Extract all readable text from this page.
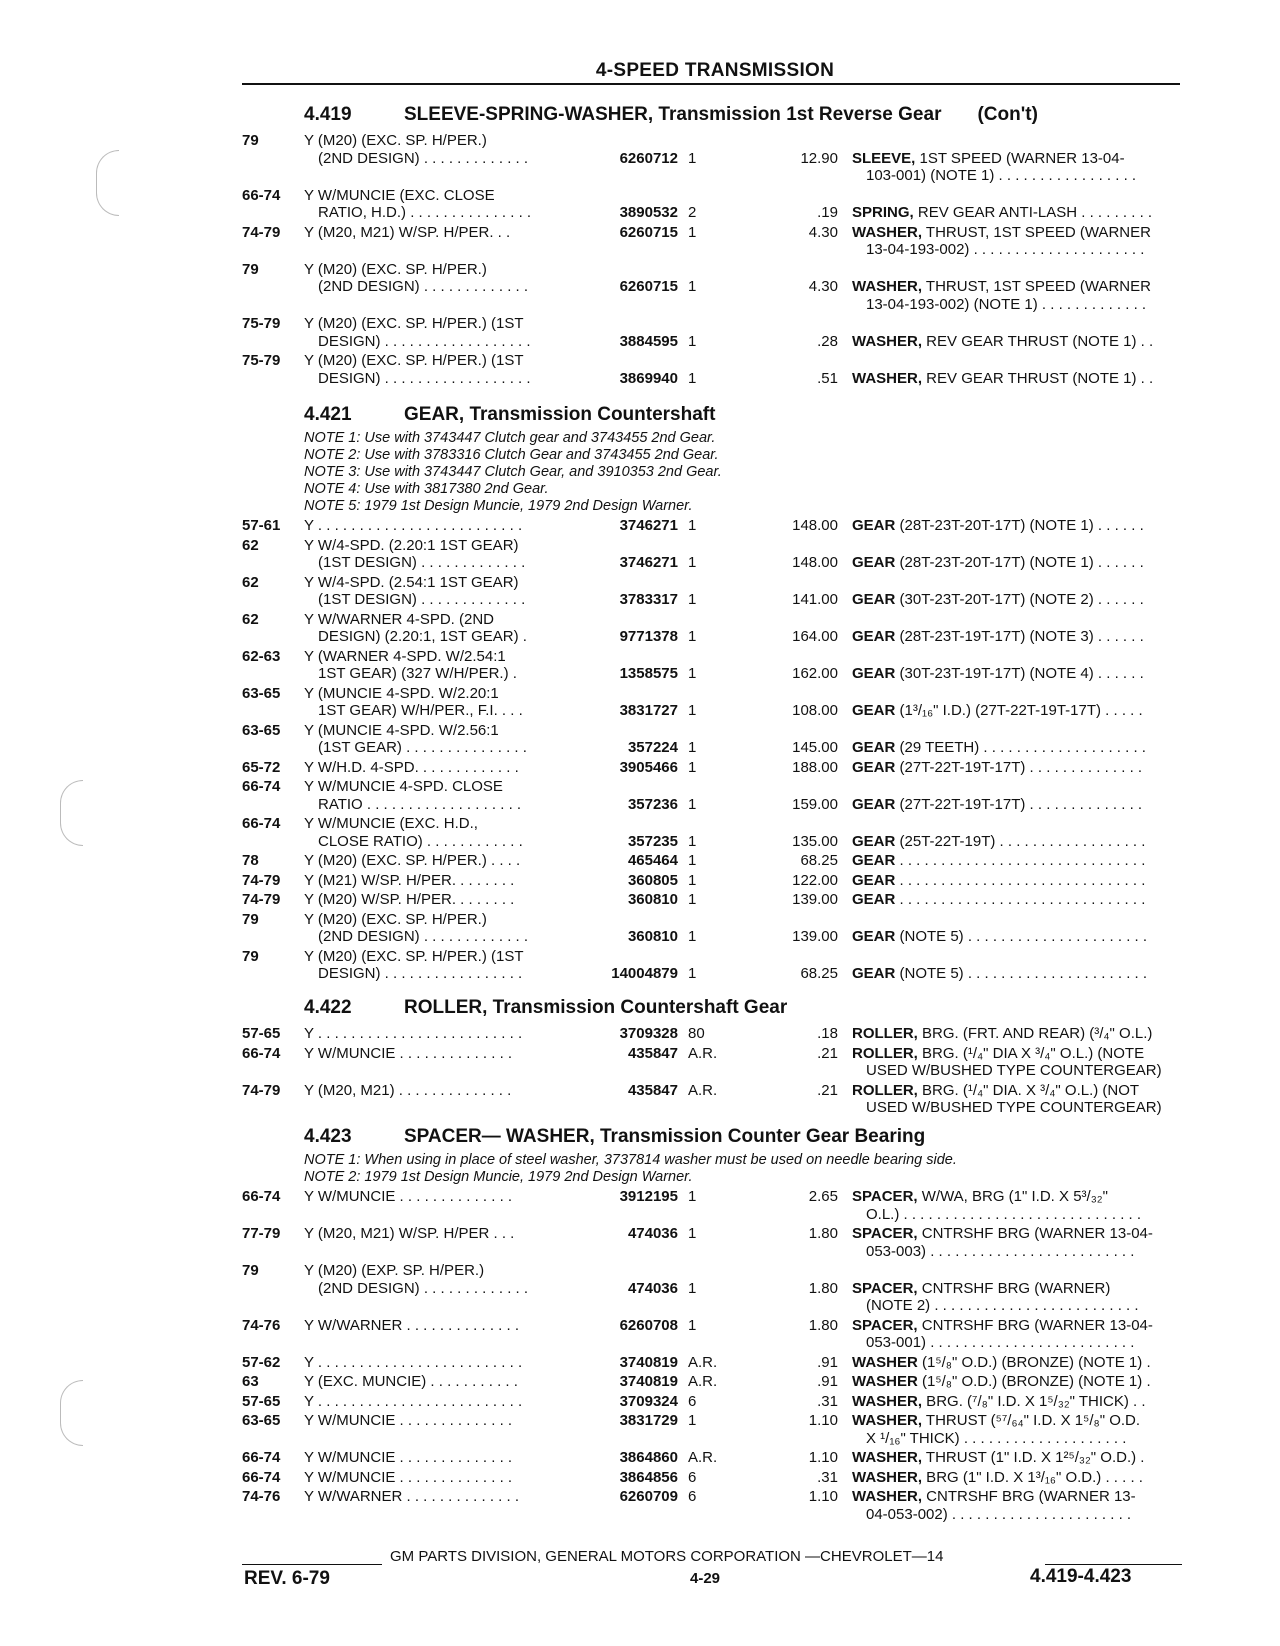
4-SPEED TRANSMISSION
4.419	SLEEVE-SPRING-WASHER, Transmission 1st Reverse Gear (Con't)
79	Y (M20) (EXC. SP. H/PER.)
(2ND DESIGN) . . . . . . . . . . . . .	6260712 1	12.90 SLEEVE, 1ST SPEED (WARNER 13-04-
103-001) (NOTE 1) . . . . . . . . . . . . . . . . .
66-74 Y W/MUNCIE (EXC. CLOSE
RATIO, H.D.) . . . . . . . . . . . . . . .	3890532 2	.19 SPRING, REV GEAR ANTI-LASH . . . . . . . . .
74-79 Y (M20, M21) W/SP. H/PER. . .	6260715 1	4.30 WASHER, THRUST, 1ST SPEED (WARNER
13-04-193-002) . . . . . . . . . . . . . . . . . . . . .
79	Y (M20) (EXC. SP. H/PER.)
(2ND DESIGN) . . . . . . . . . . . . .	6260715 1	4.30 WASHER, THRUST, 1ST SPEED (WARNER
13-04-193-002) (NOTE 1) . . . . . . . . . . . . .
75-79 Y (M20) (EXC. SP. H/PER.) (1ST
DESIGN) . . . . . . . . . . . . . . . . . .	3884595 1	.28 WASHER, REV GEAR THRUST (NOTE 1) . .
75-79 Y (M20) (EXC. SP. H/PER.) (1ST
DESIGN) . . . . . . . . . . . . . . . . . .	3869940 1	.51 WASHER, REV GEAR THRUST (NOTE 1) . .
4.421	GEAR, Transmission Countershaft
NOTE 1: Use with 3743447 Clutch gear and 3743455 2nd Gear.
NOTE 2: Use with 3783316 Clutch Gear and 3743455 2nd Gear.
NOTE 3: Use with 3743447 Clutch Gear, and 3910353 2nd Gear.
NOTE 4: Use with 3817380 2nd Gear.
NOTE 5: 1979 1st Design Muncie, 1979 2nd Design Warner.
57-61 Y . . . . . . . . . . . . . . . . . . . . . . . . .	3746271 1	148.00 GEAR (28T-23T-20T-17T) (NOTE 1) . . . . . .
62	Y W/4-SPD. (2.20:1 1ST GEAR)
(1ST DESIGN) . . . . . . . . . . . . .	3746271 1	148.00 GEAR (28T-23T-20T-17T) (NOTE 1) . . . . . .
62	Y W/4-SPD. (2.54:1 1ST GEAR)
(1ST DESIGN) . . . . . . . . . . . . .	3783317 1	141.00 GEAR (30T-23T-20T-17T) (NOTE 2) . . . . . .
62	Y W/WARNER 4-SPD. (2ND
DESIGN) (2.20:1, 1ST GEAR) .	9771378 1	164.00 GEAR (28T-23T-19T-17T) (NOTE 3) . . . . . .
62-63 Y (WARNER 4-SPD. W/2.54:1
1ST GEAR) (327 W/H/PER.) .	1358575 1	162.00 GEAR (30T-23T-19T-17T) (NOTE 4) . . . . . .
63-65 Y (MUNCIE 4-SPD. W/2.20:1
1ST GEAR) W/H/PER., F.I. . . .	3831727 1	108.00 GEAR (1³/₁₆" I.D.) (27T-22T-19T-17T) . . . . .
63-65 Y (MUNCIE 4-SPD. W/2.56:1
(1ST GEAR) . . . . . . . . . . . . . . .	357224 1	145.00 GEAR (29 TEETH) . . . . . . . . . . . . . . . . . . . .
65-72 Y W/H.D. 4-SPD. . . . . . . . . . . . .	3905466 1	188.00 GEAR (27T-22T-19T-17T) . . . . . . . . . . . . . .
66-74 Y W/MUNCIE 4-SPD. CLOSE
RATIO . . . . . . . . . . . . . . . . . . .	357236 1	159.00 GEAR (27T-22T-19T-17T) . . . . . . . . . . . . . .
66-74 Y W/MUNCIE (EXC. H.D.,
CLOSE RATIO) . . . . . . . . . . . .	357235 1	135.00 GEAR (25T-22T-19T) . . . . . . . . . . . . . . . . . .
78	Y (M20) (EXC. SP. H/PER.) . . . .	465464 1	68.25 GEAR . . . . . . . . . . . . . . . . . . . . . . . . . . . . . .
74-79 Y (M21) W/SP. H/PER. . . . . . . .	360805 1	122.00 GEAR . . . . . . . . . . . . . . . . . . . . . . . . . . . . . .
74-79 Y (M20) W/SP. H/PER. . . . . . . .	360810 1	139.00 GEAR . . . . . . . . . . . . . . . . . . . . . . . . . . . . . .
79	Y (M20) (EXC. SP. H/PER.)
(2ND DESIGN) . . . . . . . . . . . . .	360810 1	139.00 GEAR (NOTE 5) . . . . . . . . . . . . . . . . . . . . . .
79	Y (M20) (EXC. SP. H/PER.) (1ST
DESIGN) . . . . . . . . . . . . . . . . .	14004879 1	68.25 GEAR (NOTE 5) . . . . . . . . . . . . . . . . . . . . . .
4.422	ROLLER, Transmission Countershaft Gear
57-65 Y . . . . . . . . . . . . . . . . . . . . . . . . .	3709328 80	.18 ROLLER, BRG. (FRT. AND REAR) (³/₄" O.L.)
66-74 Y W/MUNCIE . . . . . . . . . . . . . .	435847 A.R.	.21 ROLLER, BRG. (¹/₄" DIA X ³/₄" O.L.) (NOTE
USED W/BUSHED TYPE COUNTERGEAR)
74-79 Y (M20, M21) . . . . . . . . . . . . . .	435847 A.R.	.21 ROLLER, BRG. (¹/₄" DIA. X ³/₄" O.L.) (NOT
USED W/BUSHED TYPE COUNTERGEAR)
4.423	SPACER— WASHER, Transmission Counter Gear Bearing
NOTE 1: When using in place of steel washer, 3737814 washer must be used on needle bearing side.
NOTE 2: 1979 1st Design Muncie, 1979 2nd Design Warner.
66-74 Y W/MUNCIE . . . . . . . . . . . . . .	3912195 1	2.65 SPACER, W/WA, BRG (1" I.D. X 5³/₃₂"
O.L.) . . . . . . . . . . . . . . . . . . . . . . . . . . . . .
77-79 Y (M20, M21) W/SP. H/PER . . .	474036 1	1.80 SPACER, CNTRSHF BRG (WARNER 13-04-
053-003) . . . . . . . . . . . . . . . . . . . . . . . . .
79	Y (M20) (EXP. SP. H/PER.)
(2ND DESIGN) . . . . . . . . . . . . .	474036 1	1.80 SPACER, CNTRSHF BRG (WARNER)
(NOTE 2) . . . . . . . . . . . . . . . . . . . . . . . . .
74-76 Y W/WARNER . . . . . . . . . . . . . .	6260708 1	1.80 SPACER, CNTRSHF BRG (WARNER 13-04-
053-001) . . . . . . . . . . . . . . . . . . . . . . . . .
57-62 Y . . . . . . . . . . . . . . . . . . . . . . . . .	3740819 A.R.	.91 WASHER (1⁵/₈" O.D.) (BRONZE) (NOTE 1) .
63	Y (EXC. MUNCIE) . . . . . . . . . . .	3740819 A.R.	.91 WASHER (1⁵/₈" O.D.) (BRONZE) (NOTE 1) .
57-65 Y . . . . . . . . . . . . . . . . . . . . . . . . .	3709324 6	.31 WASHER, BRG. (⁷/₈" I.D. X 1⁵/₃₂" THICK) . .
63-65 Y W/MUNCIE . . . . . . . . . . . . . .	3831729 1	1.10 WASHER, THRUST (⁵⁷/₆₄" I.D. X 1⁵/₈" O.D.
X ¹/₁₆" THICK) . . . . . . . . . . . . . . . . . . . .
66-74 Y W/MUNCIE . . . . . . . . . . . . . .	3864860 A.R.	1.10 WASHER, THRUST (1" I.D. X 1²⁵/₃₂" O.D.) .
66-74 Y W/MUNCIE . . . . . . . . . . . . . .	3864856 6	.31 WASHER, BRG (1" I.D. X 1³/₁₆" O.D.) . . . . .
74-76 Y W/WARNER . . . . . . . . . . . . . .	6260709 6	1.10 WASHER, CNTRSHF BRG (WARNER 13-
04-053-002) . . . . . . . . . . . . . . . . . . . . . .
GM PARTS DIVISION, GENERAL MOTORS CORPORATION —CHEVROLET—14
REV. 6-79	4-29	4.419-4.423
